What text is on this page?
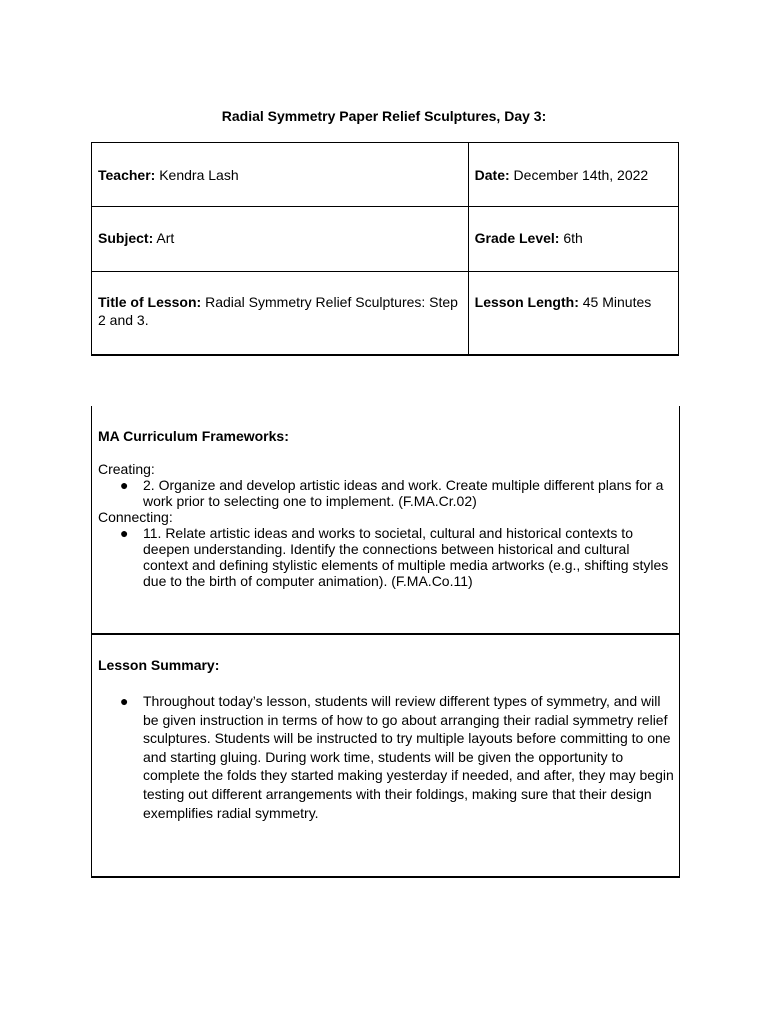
Radial Symmetry Paper Relief Sculptures, Day 3:
Teacher: Kendra Lash	Date: December 14th, 2022
Subject: Art	Grade Level: 6th
Title of Lesson: Radial Symmetry Relief Sculptures: Step 2 and 3.	Lesson Length: 45 Minutes
MA Curriculum Frameworks:

Creating:

● 2. Organize and develop artistic ideas and work. Create multiple different plans for a work prior to selecting one to implement. (F.MA.Cr.02)

Connecting:

● 11. Relate artistic ideas and works to societal, cultural and historical contexts to deepen understanding. Identify the connections between historical and cultural context and defining stylistic elements of multiple media artworks (e.g., shifting styles due to the birth of computer animation). (F.MA.Co.11)
Lesson Summary:
● Throughout today’s lesson, students will review different types of symmetry, and will be given instruction in terms of how to go about arranging their radial symmetry relief sculptures. Students will be instructed to try multiple layouts before committing to one and starting gluing. During work time, students will be given the opportunity to complete the folds they started making yesterday if needed, and after, they may begin testing out different arrangements with their foldings, making sure that their design exemplifies radial symmetry.
